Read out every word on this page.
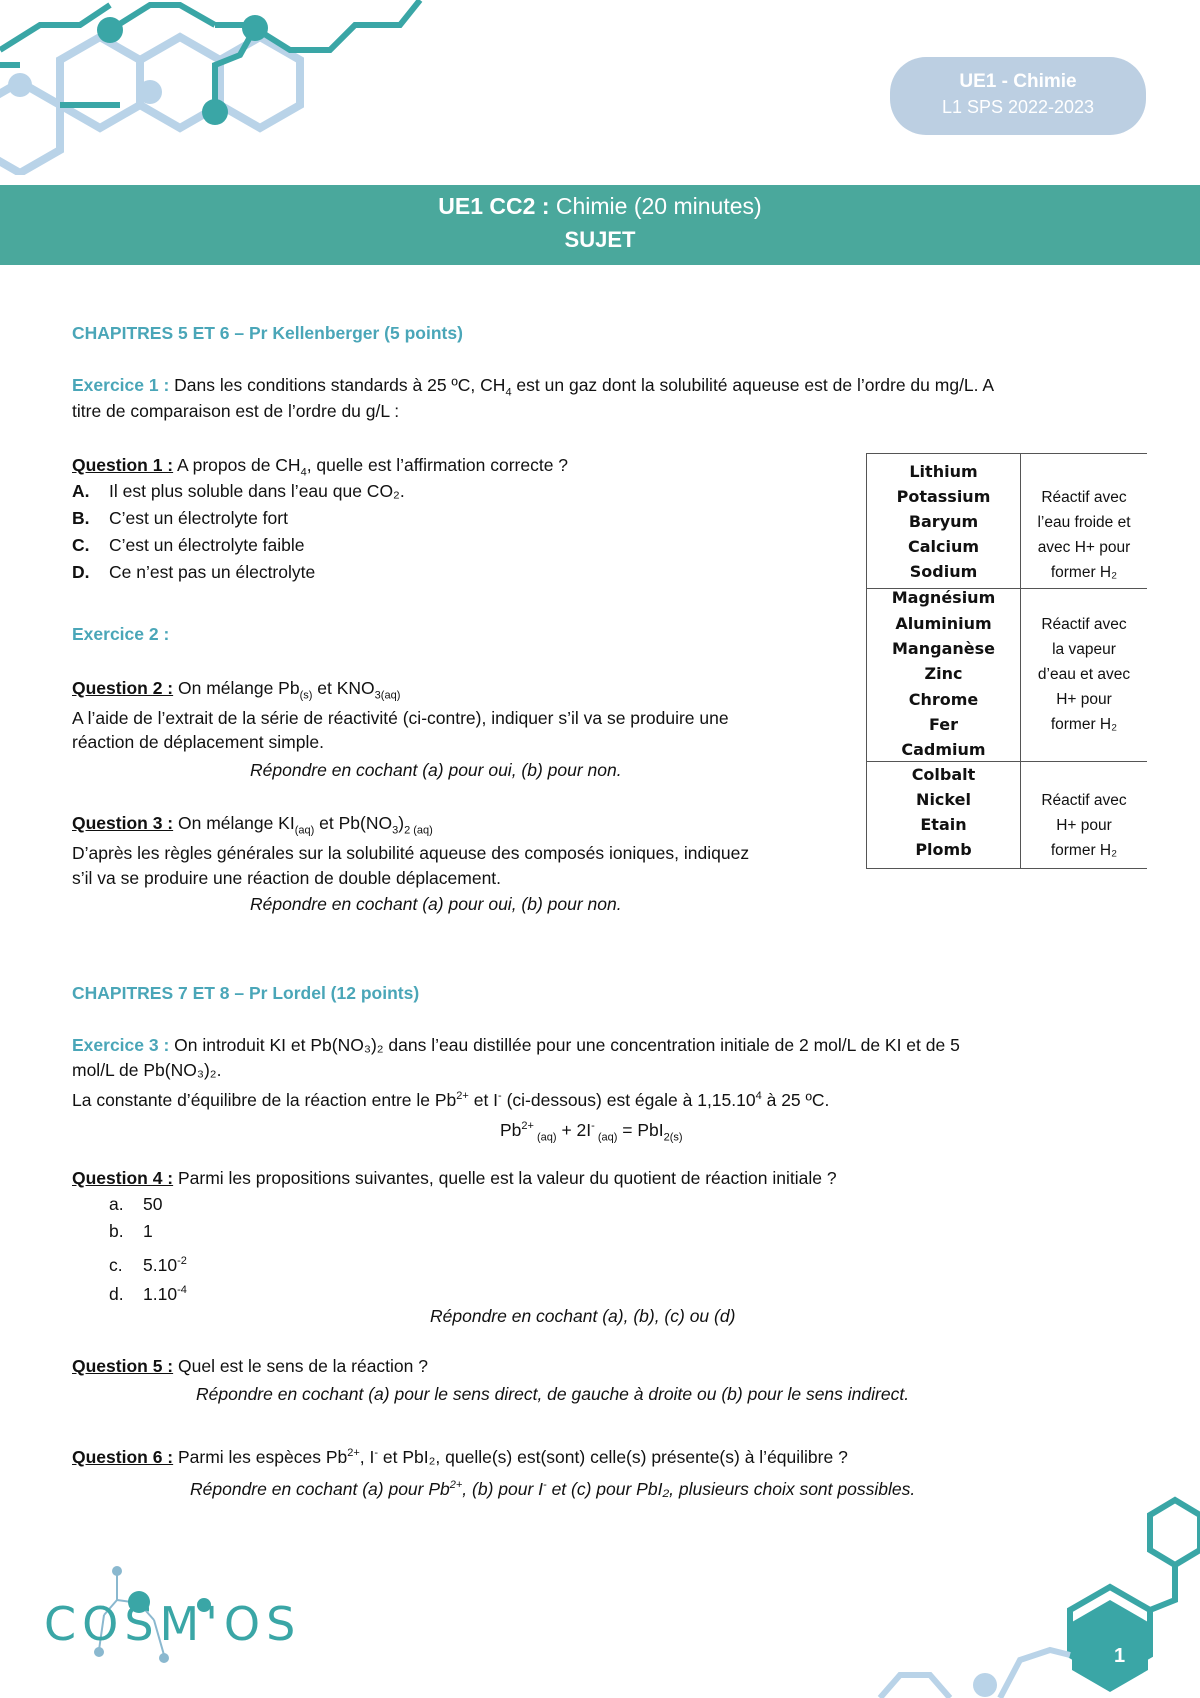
UE1 - Chimie
L1 SPS 2022-2023
UE1 CC2 : Chimie (20 minutes)
SUJET
CHAPITRES 5 ET 6 – Pr Kellenberger (5 points)
Exercice 1 : Dans les conditions standards à 25 ºC, $CH_4$ est un gaz dont la solubilité aqueuse est de l’ordre du mg/L. A
titre de comparaison est de l’ordre du g/L :
Question 1 : A propos de $CH_4$, quelle est l’affirmation correcte ?
A. Il est plus soluble dans l’eau que CO₂.
B. C’est un électrolyte fort
C. C’est un électrolyte faible
D. Ce n’est pas un électrolyte
Exercice 2 :
Question 2 : On mélange $Pb_{(s)}$ et $KNO_{3(aq)}$
A l’aide de l’extrait de la série de réactivité (ci-contre), indiquer s’il va se produire une
réaction de déplacement simple.
Répondre en cochant (a) pour oui, (b) pour non.
Question 3 : On mélange $KI_{(aq)}$ et $Pb(NO_3)_{2 (aq)}$
D’après les règles générales sur la solubilité aqueuse des composés ioniques, indiquez
s’il va se produire une réaction de double déplacement.
Répondre en cochant (a) pour oui, (b) pour non.
Lithium
Potassium
Baryum
Calcium
Sodium
Réactif avec
l’eau froide et
avec H+ pour
former H₂
Magnésium
Aluminium
Manganèse
Zinc
Chrome
Fer
Cadmium
Réactif avec
la vapeur
d’eau et avec
H+ pour
former H₂
Colbalt
Nickel
Etain
Plomb
Réactif avec
H+ pour
former H₂
CHAPITRES 7 ET 8 – Pr Lordel (12 points)
Exercice 3 : On introduit KI et Pb(NO₃)₂ dans l’eau distillée pour une concentration initiale de 2 mol/L de KI et de 5
mol/L de Pb(NO₃)₂.
La constante d’équilibre de la réaction entre le $Pb^{2+}$ et I- (ci-dessous) est égale à 1,15.10$^4$ à 25 ºC.
$Pb^{2+}$ $_{(aq)}$ + 2I- $_{(aq)}$ = PbI$_{2(s)}$
Question 4 : Parmi les propositions suivantes, quelle est la valeur du quotient de réaction initiale ?
a. 50
b. 1
c. $5.10^{-2}$
d. $1.10^{-4}$
Répondre en cochant (a), (b), (c) ou (d)
Question 5 : Quel est le sens de la réaction ?
Répondre en cochant (a) pour le sens direct, de gauche à droite ou (b) pour le sens indirect.
Question 6 : Parmi les espèces $Pb^{2+}$, I- et PbI₂, quelle(s) est(sont) celle(s) présente(s) à l’équilibre ?
Répondre en cochant (a) pour $Pb^{2+}$, (b) pour I- et (c) pour PbI₂, plusieurs choix sont possibles.
COSM'OS
1
